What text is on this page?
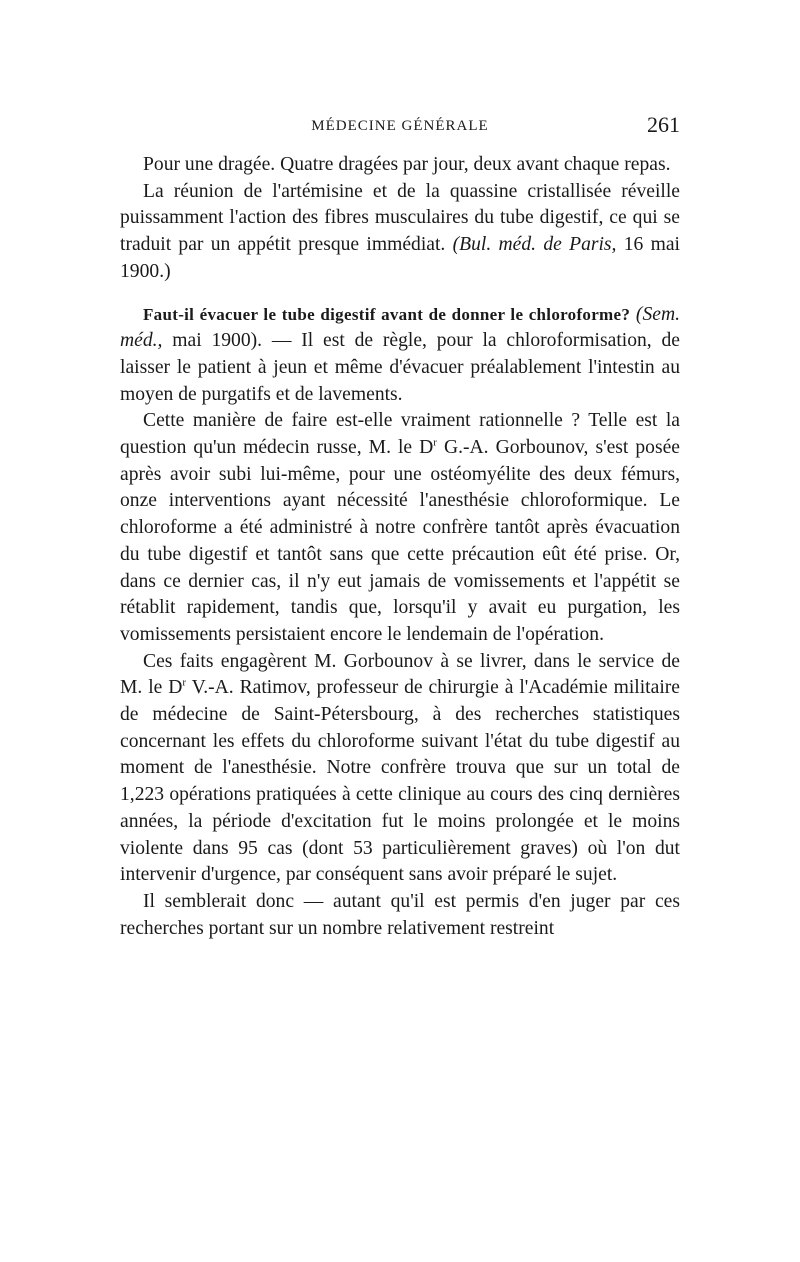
MÉDECINE GÉNÉRALE	261

Pour une dragée. Quatre dragées par jour, deux avant chaque repas.

La réunion de l'artémisine et de la quassine cristallisée réveille puissamment l'action des fibres musculaires du tube digestif, ce qui se traduit par un appétit presque immédiat. (Bul. méd. de Paris, 16 mai 1900.)

Faut-il évacuer le tube digestif avant de donner le chloroforme? (Sem. méd., mai 1900). — Il est de règle, pour la chloroformisation, de laisser le patient à jeun et même d'évacuer préalablement l'intestin au moyen de purgatifs et de lavements.

Cette manière de faire est-elle vraiment rationnelle ? Telle est la question qu'un médecin russe, M. le $D^r$ G.-A. Gorbounov, s'est posée après avoir subi lui-même, pour une ostéomyélite des deux fémurs, onze interventions ayant nécessité l'anesthésie chloroformique. Le chloroforme a été administré à notre confrère tantôt après évacuation du tube digestif et tantôt sans que cette précaution eût été prise. Or, dans ce dernier cas, il n'y eut jamais de vomissements et l'appétit se rétablit rapidement, tandis que, lorsqu'il y avait eu purgation, les vomissements persistaient encore le lendemain de l'opération.

Ces faits engagèrent M. Gorbounov à se livrer, dans le service de M. le $D^r$ V.-A. Ratimov, professeur de chirurgie à l'Académie militaire de médecine de Saint-Pétersbourg, à des recherches statistiques concernant les effets du chloroforme suivant l'état du tube digestif au moment de l'anesthésie. Notre confrère trouva que sur un total de 1,223 opérations pratiquées à cette clinique au cours des cinq dernières années, la période d'excitation fut le moins prolongée et le moins violente dans 95 cas (dont 53 particulièrement graves) où l'on dut intervenir d'urgence, par conséquent sans avoir préparé le sujet.

Il semblerait donc — autant qu'il est permis d'en juger par ces recherches portant sur un nombre relativement restreint
